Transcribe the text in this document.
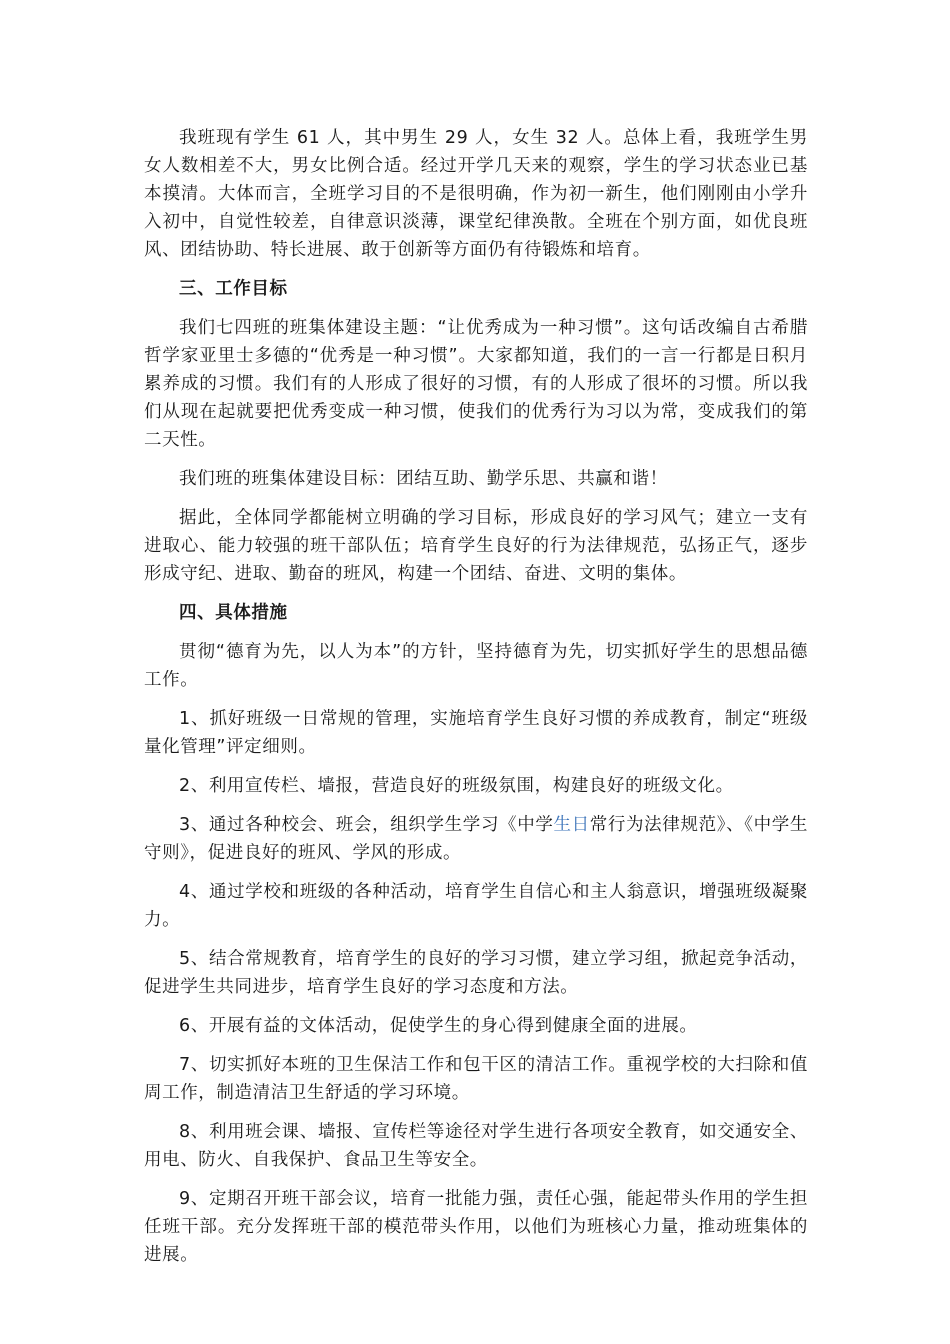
我班现有学生 61 人，其中男生 29 人，女生 32 人。总体上看，我班学生男女人数相差不大，男女比例合适。经过开学几天来的观察，学生的学习状态业已基本摸清。大体而言，全班学习目的不是很明确，作为初一新生，他们刚刚由小学升入初中，自觉性较差，自律意识淡薄，课堂纪律涣散。全班在个别方面，如优良班风、团结协助、特长进展、敢于创新等方面仍有待锻炼和培育。

三、工作目标

我们七四班的班集体建设主题：“让优秀成为一种习惯”。这句话改编自古希腊哲学家亚里士多德的“优秀是一种习惯”。大家都知道，我们的一言一行都是日积月累养成的习惯。我们有的人形成了很好的习惯，有的人形成了很坏的习惯。所以我们从现在起就要把优秀变成一种习惯，使我们的优秀行为习以为常，变成我们的第二天性。

我们班的班集体建设目标：团结互助、勤学乐思、共赢和谐！

据此，全体同学都能树立明确的学习目标，形成良好的学习风气；建立一支有进取心、能力较强的班干部队伍；培育学生良好的行为法律规范，弘扬正气，逐步形成守纪、进取、勤奋的班风，构建一个团结、奋进、文明的集体。

四、具体措施

贯彻“德育为先，以人为本”的方针，坚持德育为先，切实抓好学生的思想品德工作。

1、抓好班级一日常规的管理，实施培育学生良好习惯的养成教育，制定“班级量化管理”评定细则。

2、利用宣传栏、墙报，营造良好的班级氛围，构建良好的班级文化。

3、通过各种校会、班会，组织学生学习《中学生日常行为法律规范》、《中学生守则》，促进良好的班风、学风的形成。

4、通过学校和班级的各种活动，培育学生自信心和主人翁意识，增强班级凝聚力。

5、结合常规教育，培育学生的良好的学习习惯，建立学习组，掀起竞争活动，促进学生共同进步，培育学生良好的学习态度和方法。

6、开展有益的文体活动，促使学生的身心得到健康全面的进展。

7、切实抓好本班的卫生保洁工作和包干区的清洁工作。重视学校的大扫除和值周工作，制造清洁卫生舒适的学习环境。

8、利用班会课、墙报、宣传栏等途径对学生进行各项安全教育，如交通安全、用电、防火、自我保护、食品卫生等安全。

9、定期召开班干部会议，培育一批能力强，责任心强，能起带头作用的学生担任班干部。充分发挥班干部的模范带头作用，以他们为班核心力量，推动班集体的进展。
